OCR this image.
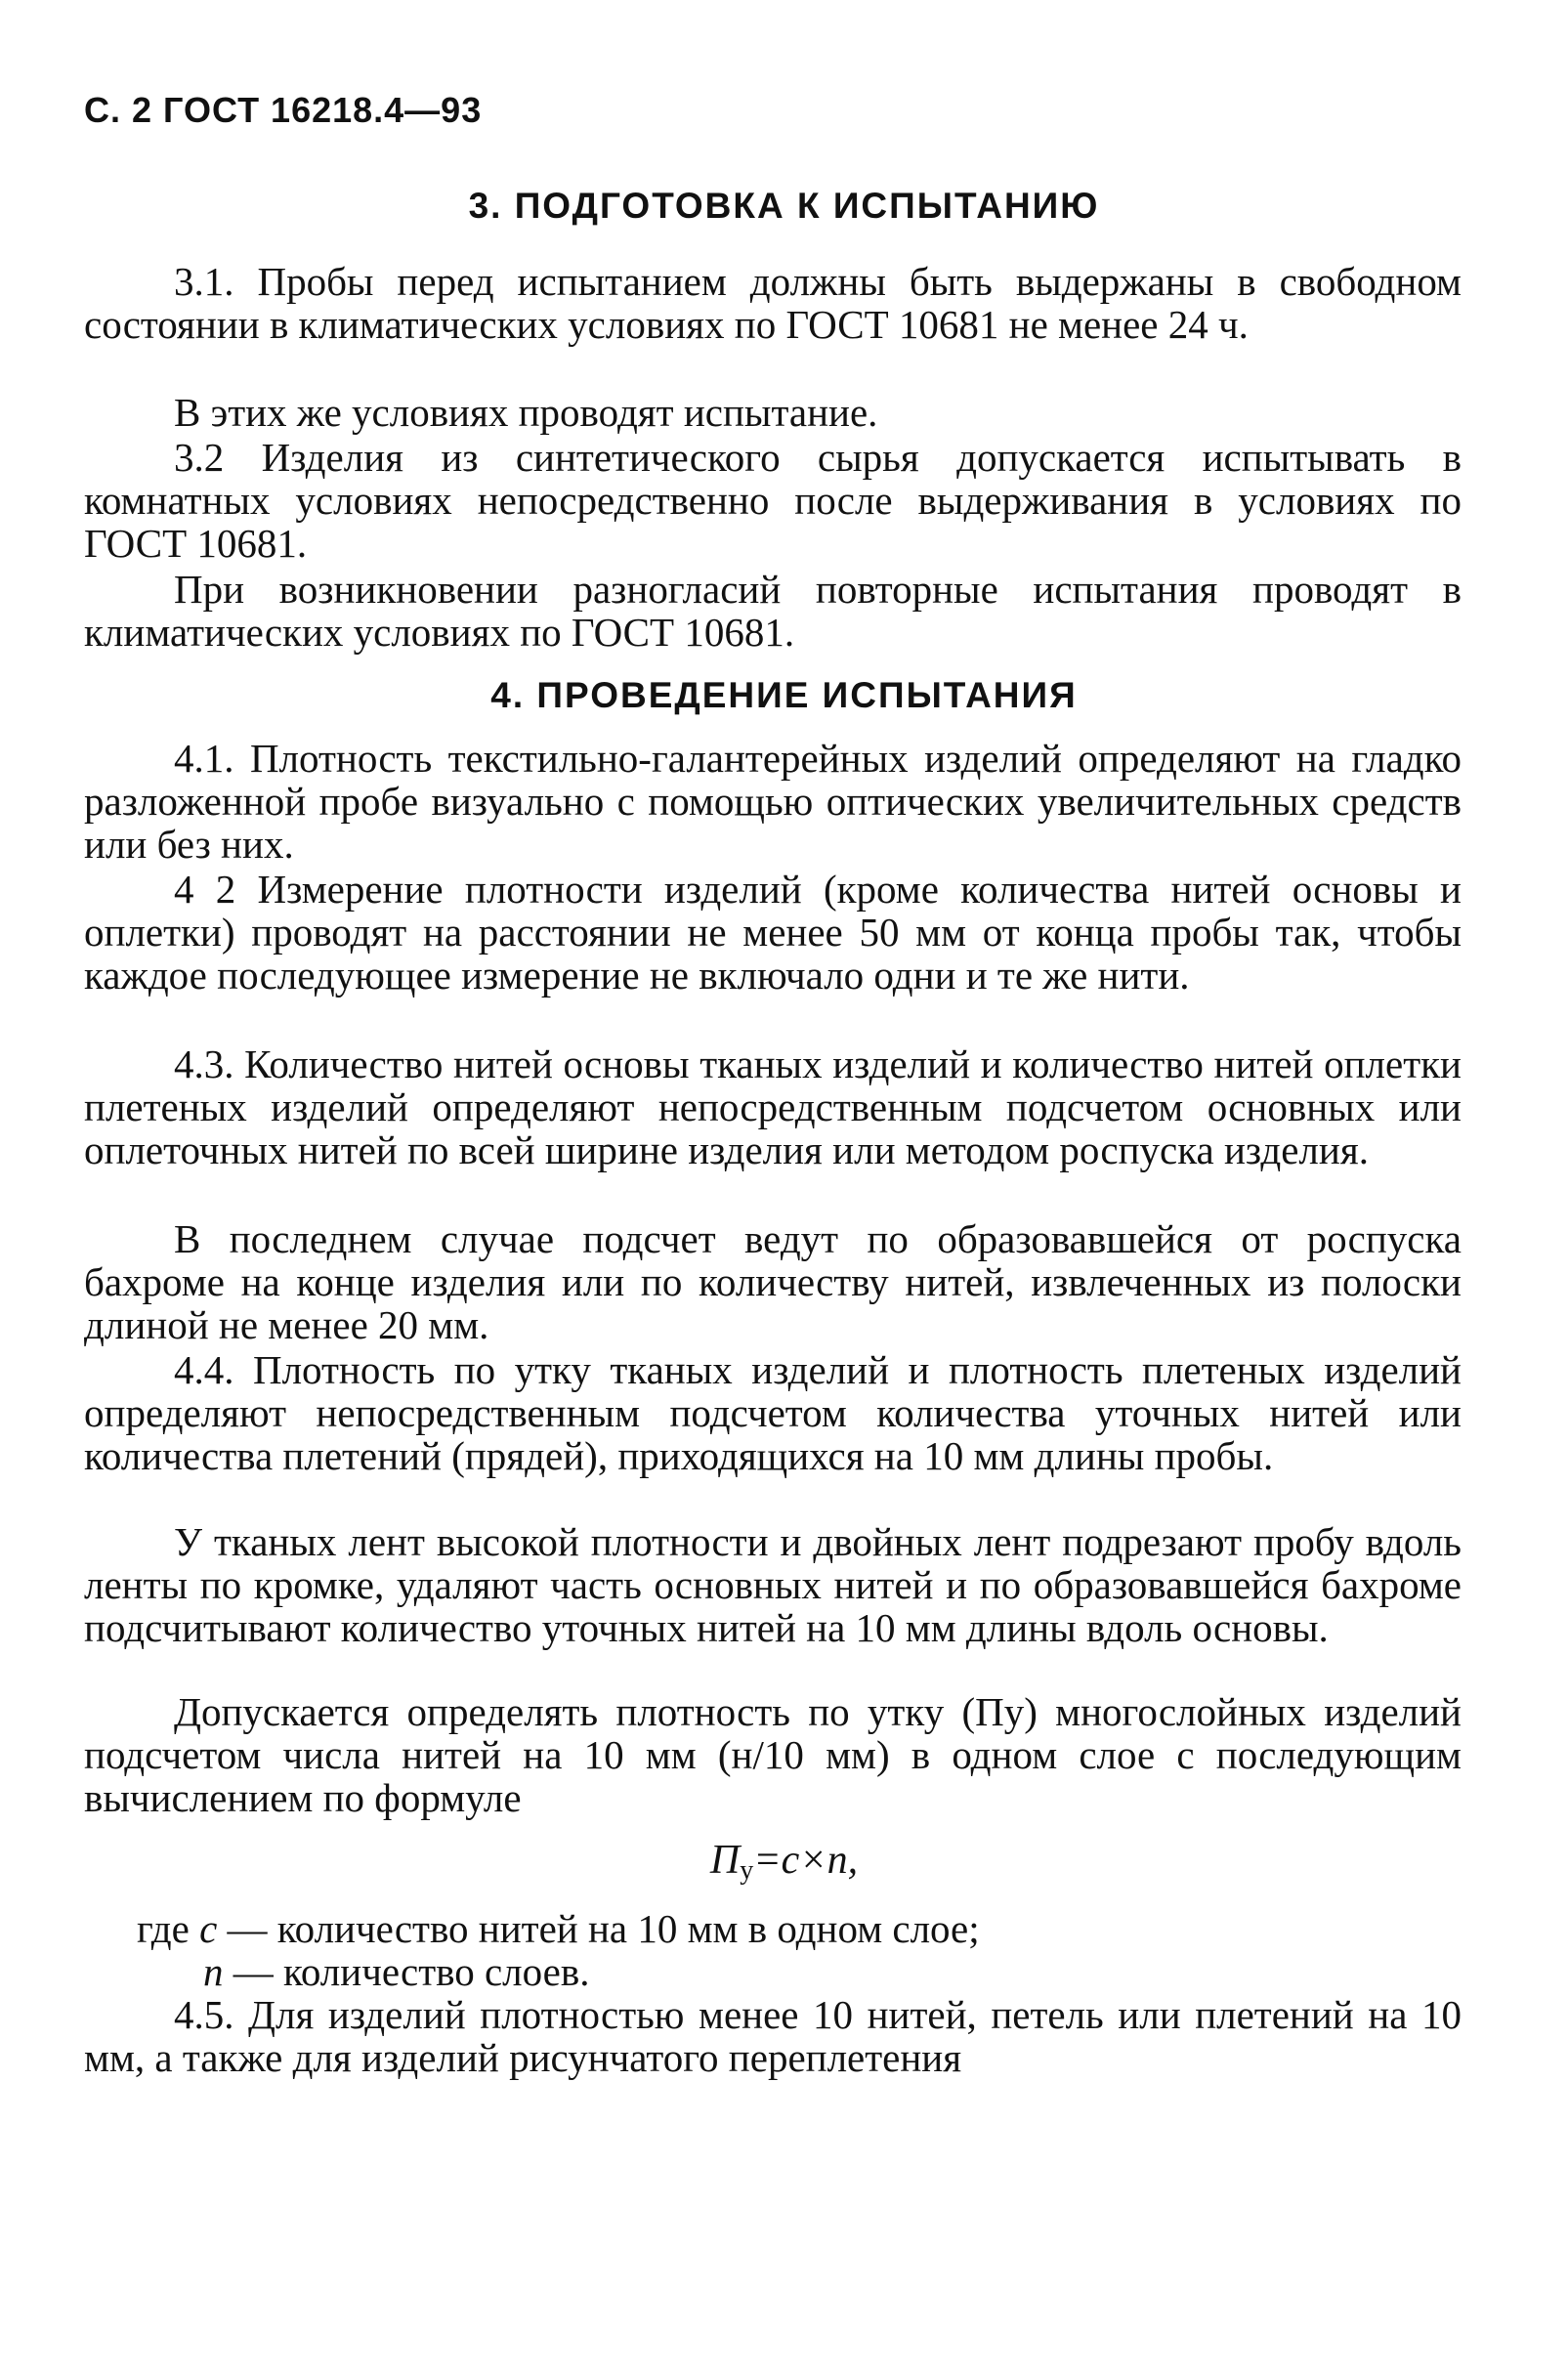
С. 2 ГОСТ 16218.4—93
3. ПОДГОТОВКА К ИСПЫТАНИЮ
3.1. Пробы перед испытанием должны быть выдержаны в свободном состоянии в климатических условиях по ГОСТ 10681 не менее 24 ч.
В этих же условиях проводят испытание.
3.2 Изделия из синтетического сырья допускается испытывать в комнатных условиях непосредственно после выдерживания в условиях по ГОСТ 10681.
При возникновении разногласий повторные испытания проводят в климатических условиях по ГОСТ 10681.
4. ПРОВЕДЕНИЕ ИСПЫТАНИЯ
4.1. Плотность текстильно-галантерейных изделий определяют на гладко разложенной пробе визуально с помощью оптических увеличительных средств или без них.
4 2 Измерение плотности изделий (кроме количества нитей основы и оплетки) проводят на расстоянии не менее 50 мм от конца пробы так, чтобы каждое последующее измерение не включало одни и те же нити.
4.3. Количество нитей основы тканых изделий и количество нитей оплетки плетеных изделий определяют непосредственным подсчетом основных или оплеточных нитей по всей ширине изделия или методом роспуска изделия.
В последнем случае подсчет ведут по образовавшейся от роспуска бахроме на конце изделия или по количеству нитей, извлеченных из полоски длиной не менее 20 мм.
4.4. Плотность по утку тканых изделий и плотность плетеных изделий определяют непосредственным подсчетом количества уточных нитей или количества плетений (прядей), приходящихся на 10 мм длины пробы.
У тканых лент высокой плотности и двойных лент подрезают пробу вдоль ленты по кромке, удаляют часть основных нитей и по образовавшейся бахроме подсчитывают количество уточных нитей на 10 мм длины вдоль основы.
Допускается определять плотность по утку (Пу) многослойных изделий подсчетом числа нитей на 10 мм (н/10 мм) в одном слое с последующим вычислением по формуле
$П_у=c\times n$,
где c — количество нитей на 10 мм в одном слое;
n — количество слоев.
4.5. Для изделий плотностью менее 10 нитей, петель или плетений на 10 мм, а также для изделий рисунчатого переплетения
